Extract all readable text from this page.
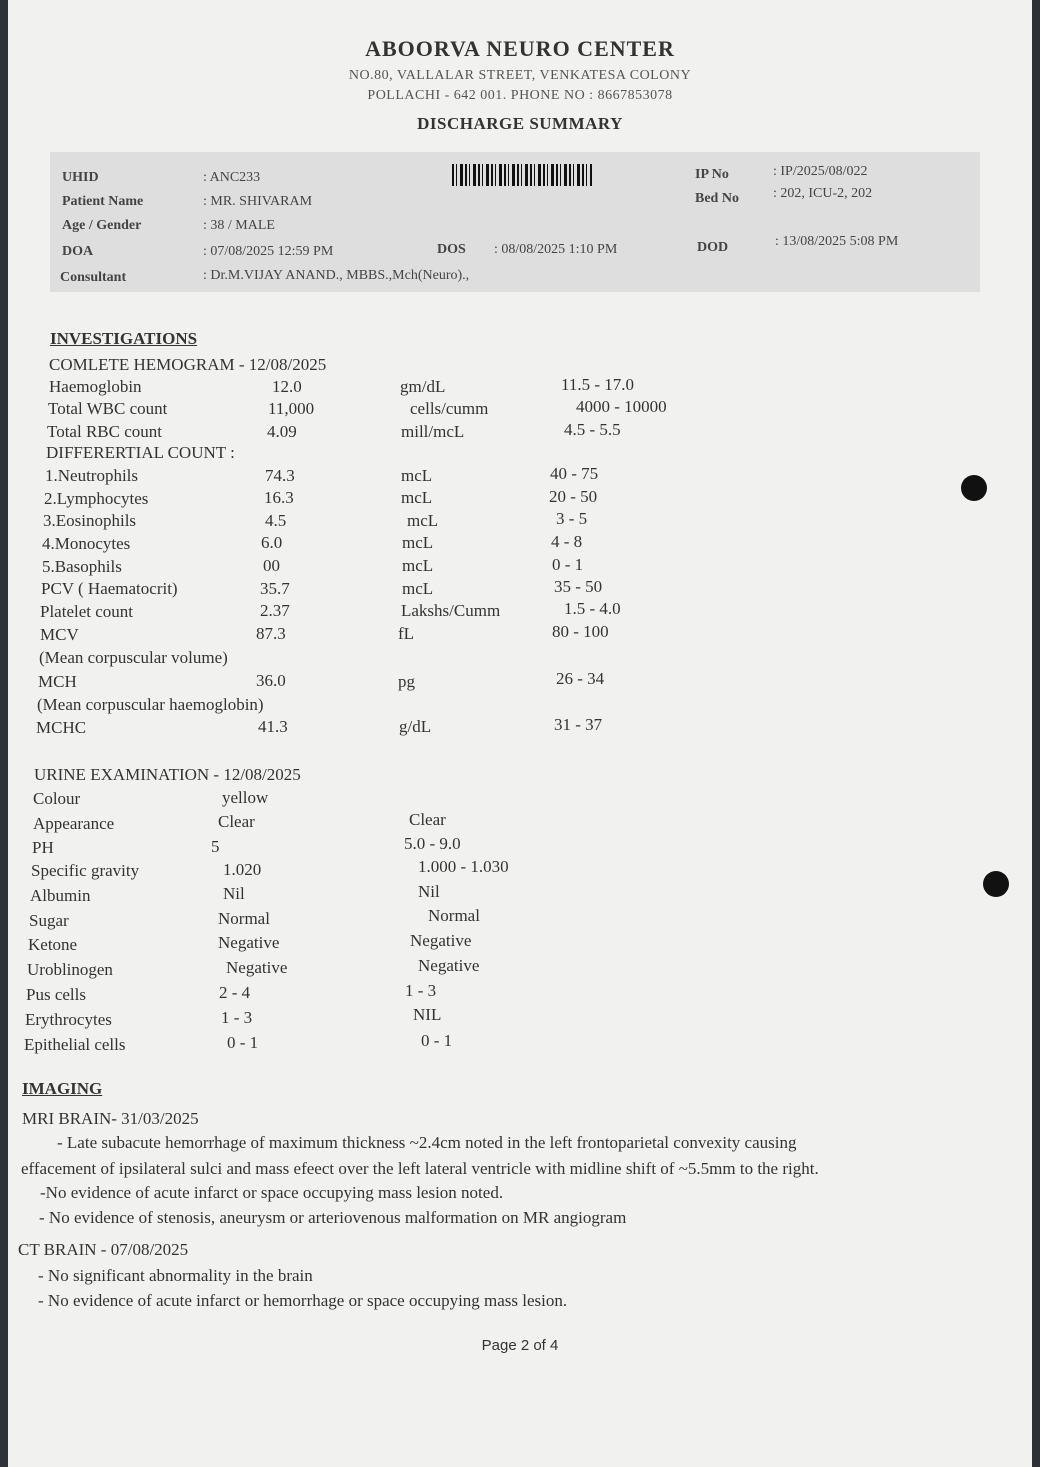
ABOORVA NEURO CENTER
NO.80, VALLALAR STREET, VENKATESA COLONY
POLLACHI - 642 001. PHONE NO : 8667853078
DISCHARGE SUMMARY
UHID	: ANC233
Patient Name	: MR. SHIVARAM
Age / Gender	: 38 / MALE
DOA	: 07/08/2025 12:59 PM	DOS : 08/08/2025 1:10 PM	DOD	: 13/08/2025 5:08 PM
Consultant	: Dr.M.VIJAY ANAND., MBBS.,Mch(Neuro).,
IP No	: IP/2025/08/022
Bed No : 202, ICU-2, 202
INVESTIGATIONS
COMLETE HEMOGRAM - 12/08/2025
Haemoglobin	12.0	gm/dL	11.5 - 17.0
Total WBC count	11,000	cells/cumm	4000 - 10000
Total RBC count	4.09	mill/mcL	4.5 - 5.5
DIFFERERTIAL COUNT :
1.Neutrophils	74.3	mcL	40 - 75
2.Lymphocytes	16.3	mcL	20 - 50
3.Eosinophils	4.5	mcL	3 - 5
4.Monocytes	6.0	mcL	4 - 8
5.Basophils	00	mcL	0 - 1
PCV ( Haematocrit)	35.7	mcL	35 - 50
Platelet count	2.37	Lakshs/Cumm	1.5 - 4.0
MCV	87.3	fL	80 - 100
(Mean corpuscular volume)
MCH	36.0	pg	26 - 34
(Mean corpuscular haemoglobin)
MCHC	41.3	g/dL	31 - 37
URINE EXAMINATION - 12/08/2025
Colour	yellow
Appearance	Clear	Clear
PH	5	5.0 - 9.0
Specific gravity	1.020	1.000 - 1.030
Albumin	Nil	Nil
Sugar	Normal	Normal
Ketone	Negative	Negative
Uroblinogen	Negative	Negative
Pus cells	2 - 4	1 - 3
Erythrocytes	1 - 3	NIL
Epithelial cells	0 - 1	0 - 1
IMAGING
MRI BRAIN- 31/03/2025
- Late subacute hemorrhage of maximum thickness ~2.4cm noted in the left frontoparietal convexity causing
effacement of ipsilateral sulci and mass efeect over the left lateral ventricle with midline shift of ~5.5mm to the right.
-No evidence of acute infarct or space occupying mass lesion noted.
- No evidence of stenosis, aneurysm or arteriovenous malformation on MR angiogram
CT BRAIN - 07/08/2025
- No significant abnormality in the brain
- No evidence of acute infarct or hemorrhage or space occupying mass lesion.
Page 2 of 4
